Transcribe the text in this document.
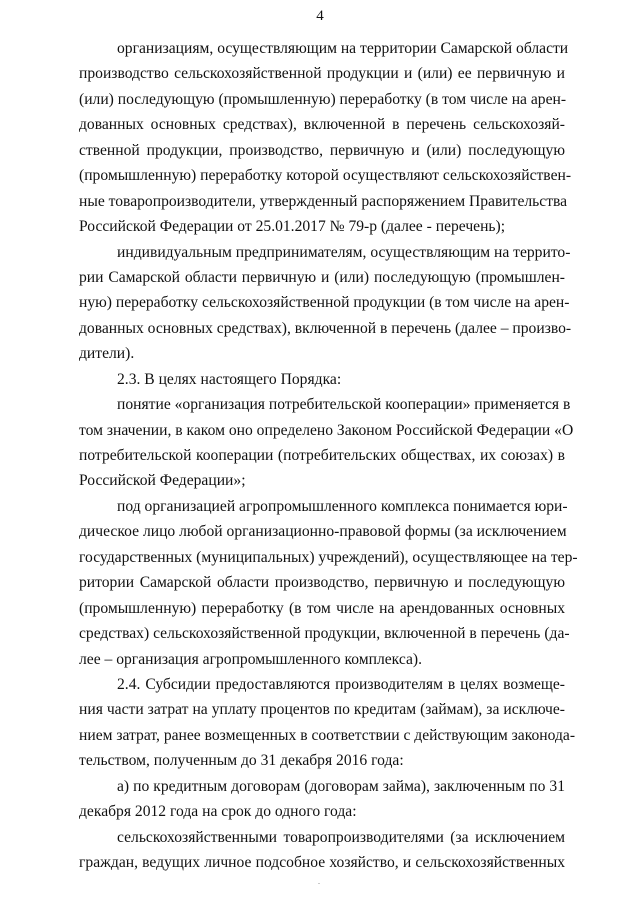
4
организациям, осуществляющим на территории Самарской области
производство сельскохозяйственной продукции и (или) ее первичную и
(или) последующую (промышленную) переработку (в том числе на арен-
дованных основных средствах), включенной в перечень сельскохозяй-
ственной продукции, производство, первичную и (или) последующую
(промышленную) переработку которой осуществляют сельскохозяйствен-
ные товаропроизводители, утвержденный распоряжением Правительства
Российской Федерации от 25.01.2017 № 79-р (далее - перечень);
индивидуальным предпринимателям, осуществляющим на террито-
рии Самарской области первичную и (или) последующую (промышлен-
ную) переработку сельскохозяйственной продукции (в том числе на арен-
дованных основных средствах), включенной в перечень (далее – произво-
дители).
2.3. В целях настоящего Порядка:
понятие «организация потребительской кооперации» применяется в
том значении, в каком оно определено Законом Российской Федерации «О
потребительской кооперации (потребительских обществах, их союзах) в
Российской Федерации»;
под организацией агропромышленного комплекса понимается юри-
дическое лицо любой организационно-правовой формы (за исключением
государственных (муниципальных) учреждений), осуществляющее на тер-
ритории Самарской области производство, первичную и последующую
(промышленную) переработку (в том числе на арендованных основных
средствах) сельскохозяйственной продукции, включенной в перечень (да-
лее – организация агропромышленного комплекса).
2.4. Субсидии предоставляются производителям в целях возмеще-
ния части затрат на уплату процентов по кредитам (займам), за исключе-
нием затрат, ранее возмещенных в соответствии с действующим законода-
тельством, полученным до 31 декабря 2016 года:
а) по кредитным договорам (договорам займа), заключенным по 31
декабря 2012 года на срок до одного года:
сельскохозяйственными товаропроизводителями (за исключением
граждан, ведущих личное подсобное хозяйство, и сельскохозяйственных
.
